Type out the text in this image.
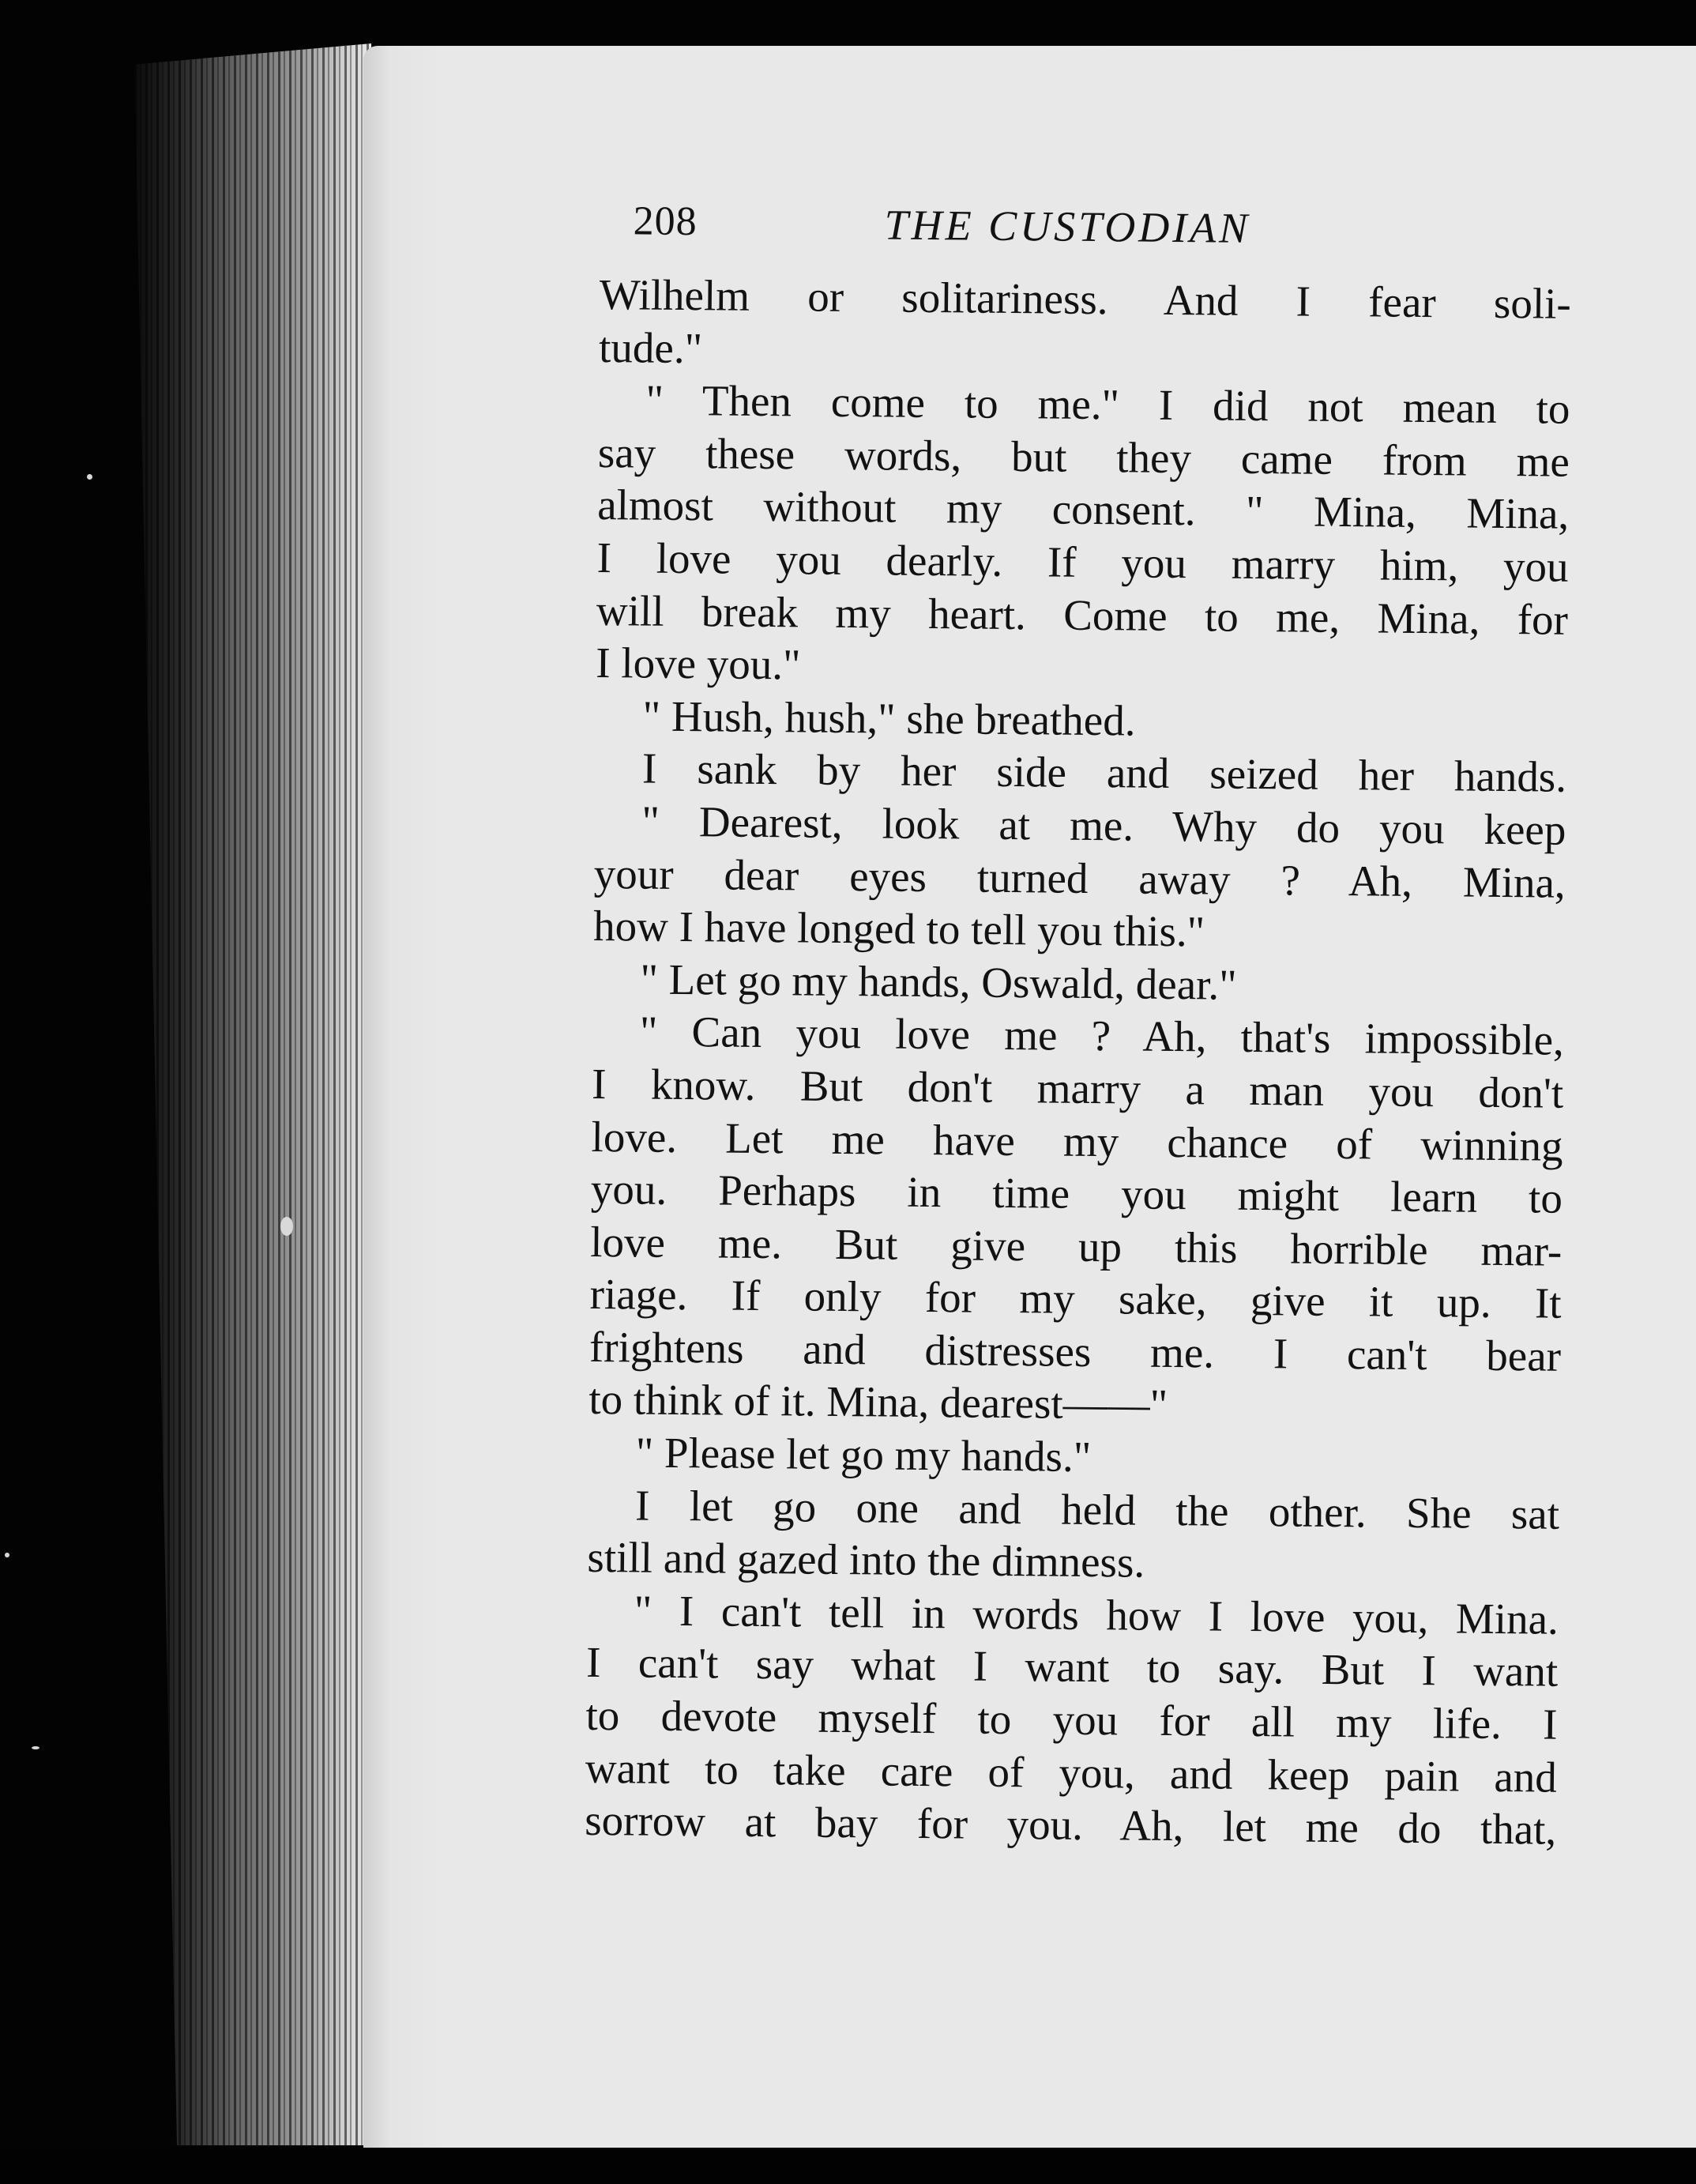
208	THE CUSTODIAN
Wilhelm or solitariness. And I fear soli-
tude."
" Then come to me." I did not mean to
say these words, but they came from me
almost without my consent. " Mina, Mina,
I love you dearly. If you marry him, you
will break my heart. Come to me, Mina, for
I love you."
" Hush, hush," she breathed.
I sank by her side and seized her hands.
" Dearest, look at me. Why do you keep
your dear eyes turned away ? Ah, Mina,
how I have longed to tell you this."
" Let go my hands, Oswald, dear."
" Can you love me ? Ah, that's impossible,
I know. But don't marry a man you don't
love. Let me have my chance of winning
you. Perhaps in time you might learn to
love me. But give up this horrible mar-
riage. If only for my sake, give it up. It
frightens and distresses me. I can't bear
to think of it. Mina, dearest——"
" Please let go my hands."
I let go one and held the other. She sat
still and gazed into the dimness.
" I can't tell in words how I love you, Mina.
I can't say what I want to say. But I want
to devote myself to you for all my life. I
want to take care of you, and keep pain and
sorrow at bay for you. Ah, let me do that,
